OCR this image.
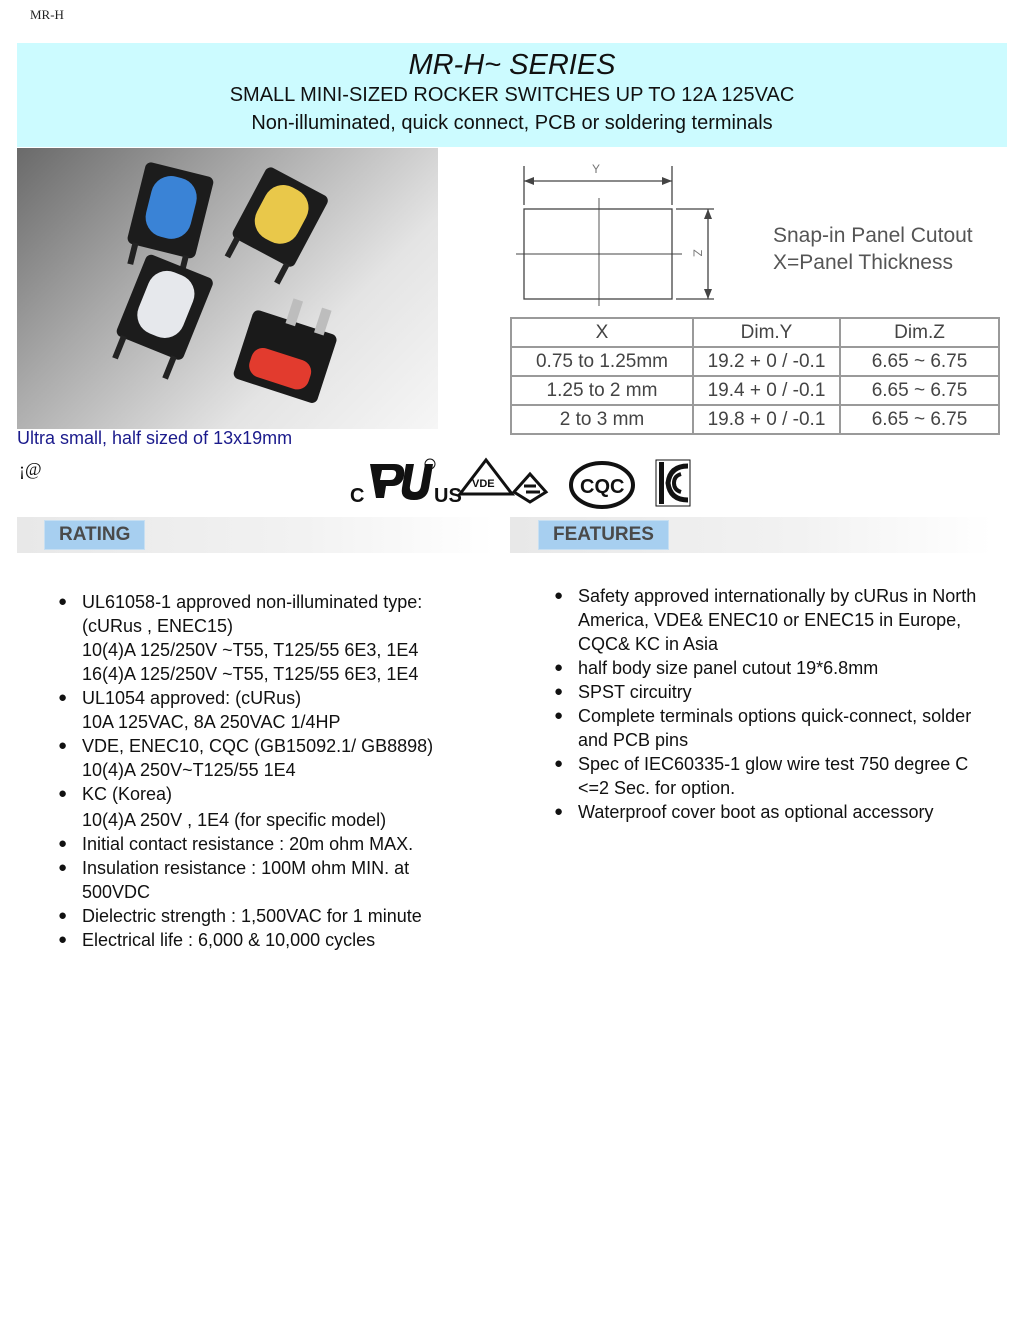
MR-H
MR-H~ SERIES
SMALL MINI-SIZED ROCKER SWITCHES UP TO 12A 125VAC
Non-illuminated, quick connect, PCB or soldering terminals
Ultra small, half sized of 13x19mm
¡@
Y
Z
Snap-in Panel Cutout
X=Panel Thickness
X	Dim.Y	Dim.Z
0.75 to 1.25mm	19.2 + 0 / -0.1	6.65 ~ 6.75
1.25 to 2 mm	19.4 + 0 / -0.1	6.65 ~ 6.75
2 to 3 mm	19.8 + 0 / -0.1	6.65 ~ 6.75
C	US
VDE	CQC
RATING	FEATURES
● UL61058-1 approved non-illuminated type:
(cURus , ENEC15)
10(4)A 125/250V ~T55, T125/55 6E3, 1E4
16(4)A 125/250V ~T55, T125/55 6E3, 1E4
● UL1054 approved: (cURus)
10A 125VAC, 8A 250VAC 1/4HP
● VDE, ENEC10, CQC (GB15092.1/ GB8898)
10(4)A 250V~T125/55 1E4
● KC (Korea)
10(4)A 250V , 1E4 (for specific model)
● Initial contact resistance : 20m ohm MAX.
● Insulation resistance : 100M ohm MIN. at
500VDC
● Dielectric strength : 1,500VAC for 1 minute
● Electrical life : 6,000 & 10,000 cycles
● Safety approved internationally by cURus in North America, VDE& ENEC10 or ENEC15 in Europe, CQC& KC in Asia
● half body size panel cutout 19*6.8mm
● SPST circuitry
● Complete terminals options quick-connect, solder and PCB pins
● Spec of IEC60335-1 glow wire test 750 degree C <=2 Sec. for option.
● Waterproof cover boot as optional accessory
